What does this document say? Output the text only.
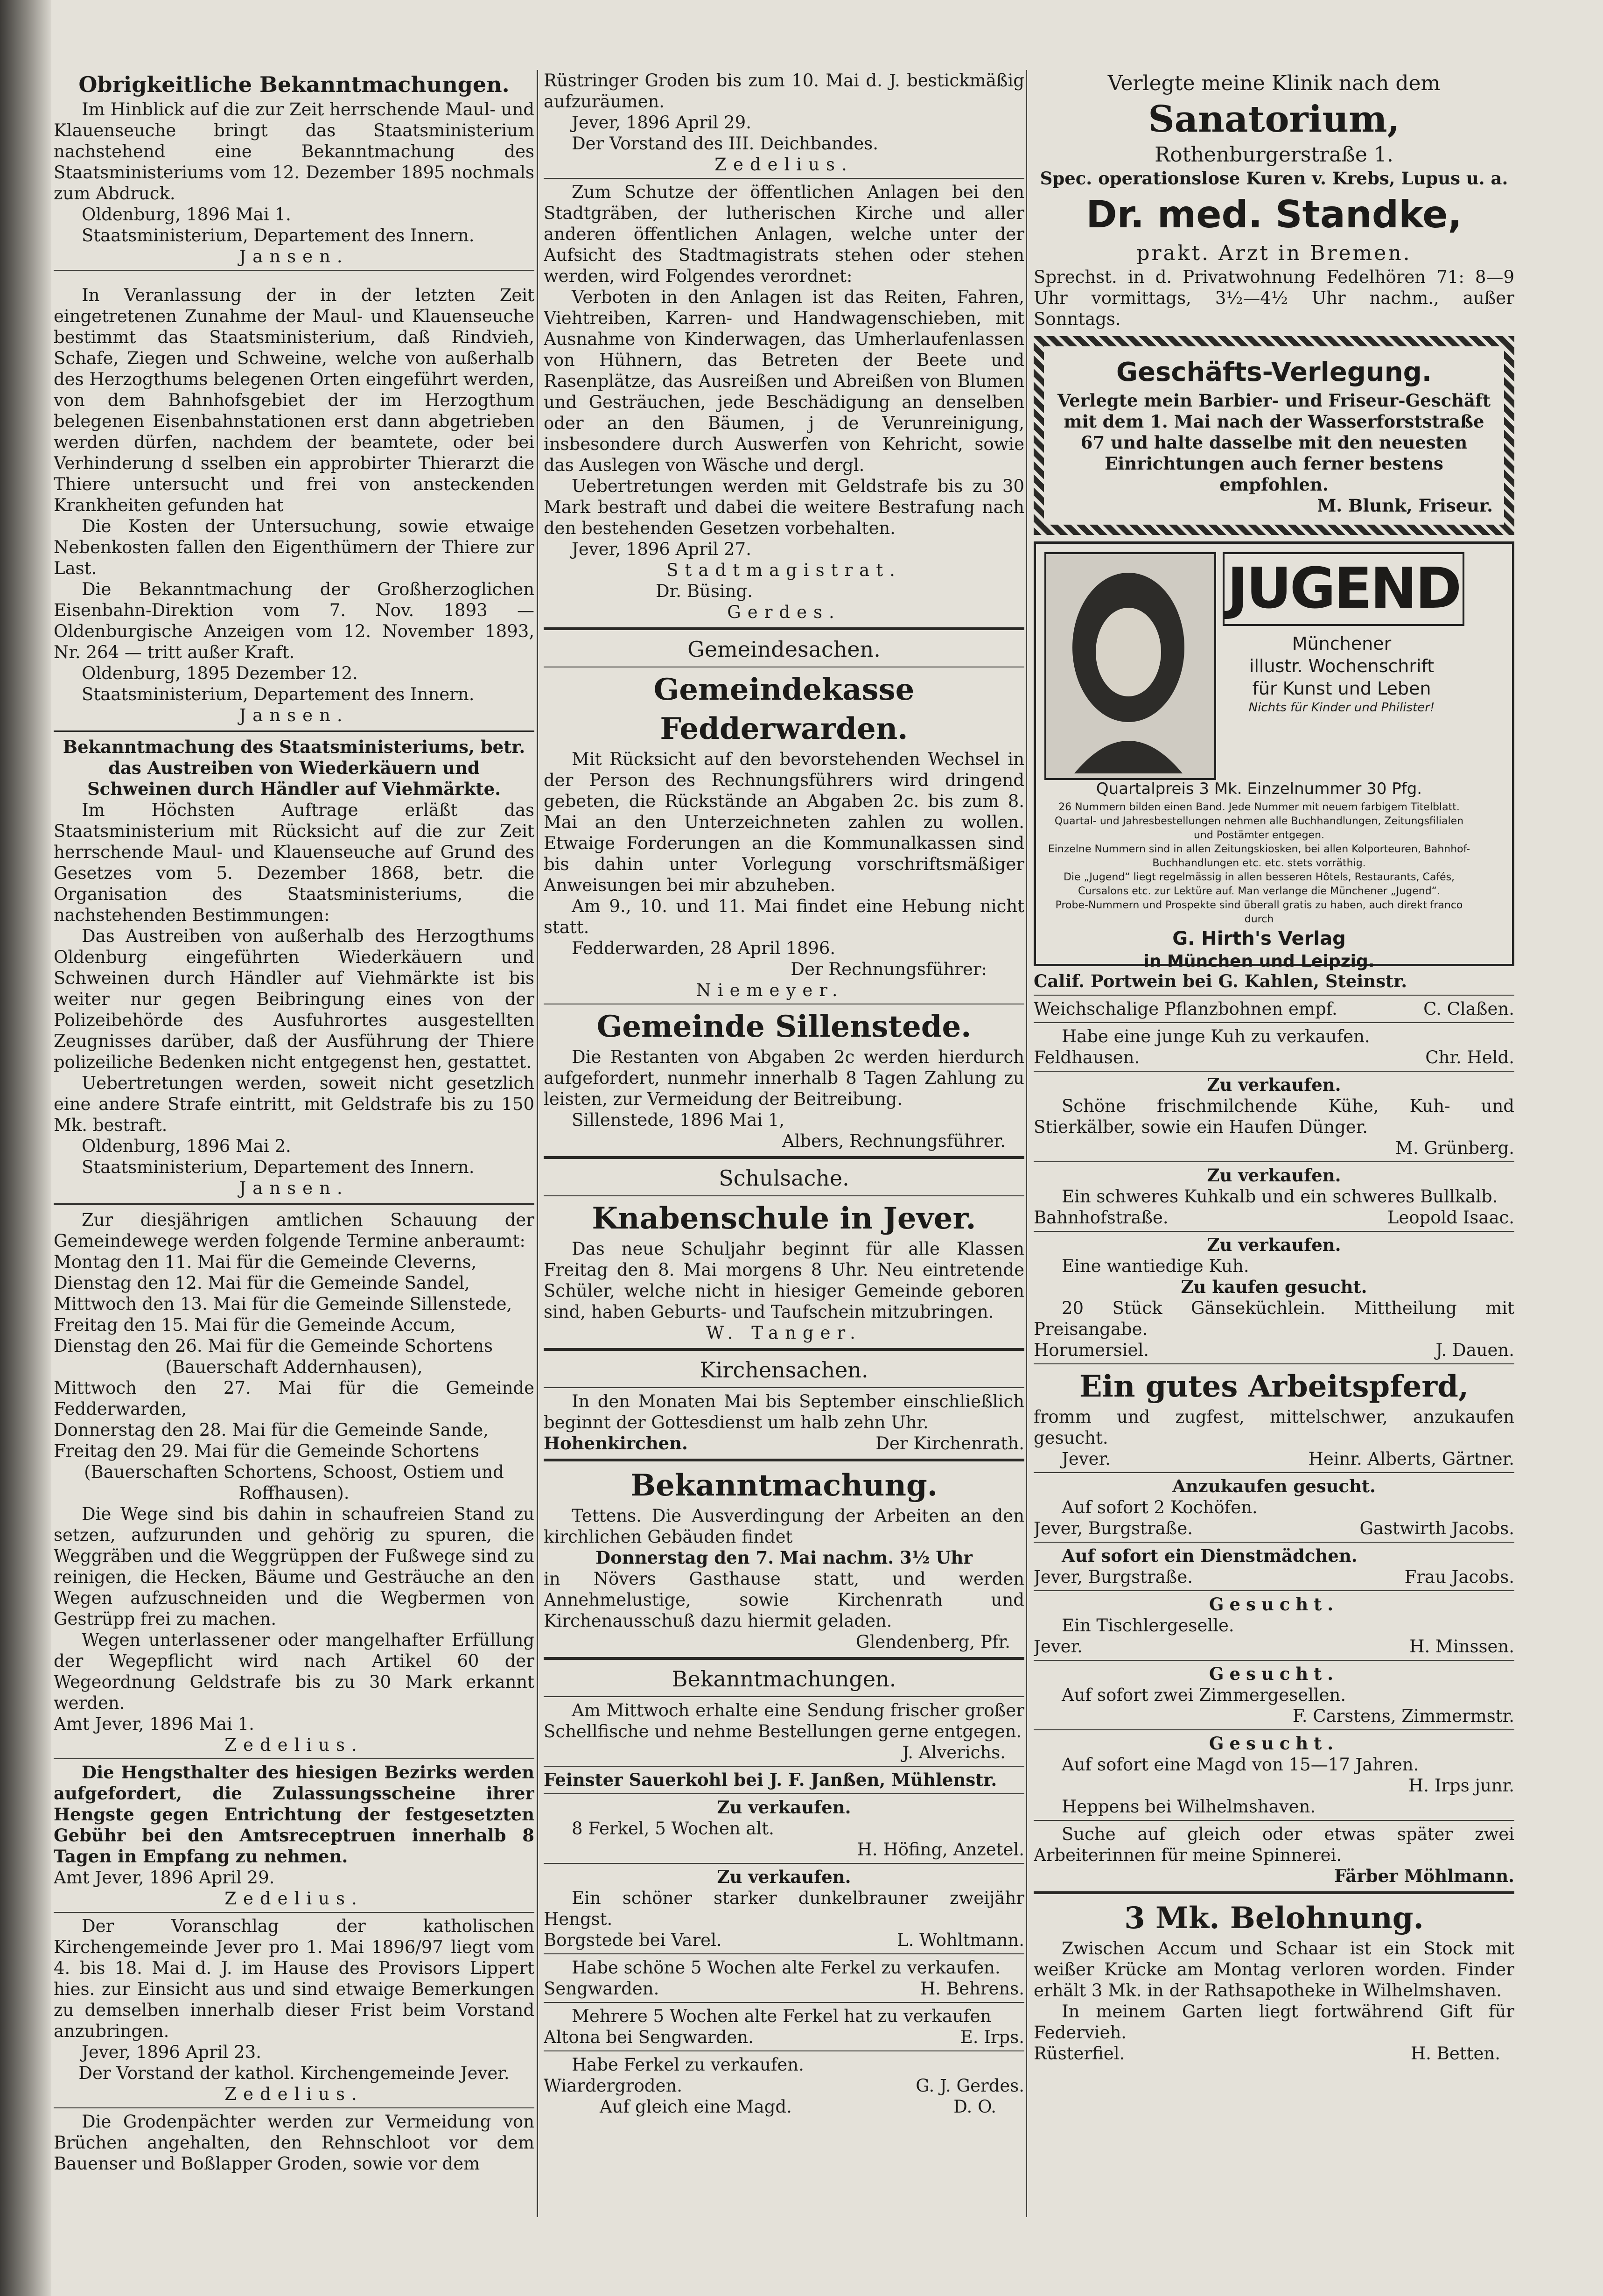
Obrigkeitliche Bekanntmachungen.

Im Hinblick auf die zur Zeit herrschende Maul- und Klauenseuche bringt das Staatsministerium nachstehend eine Bekanntmachung des Staatsministeriums vom 12. Dezember 1895 nochmals zum Abdruck.

Oldenburg, 1896 Mai 1.

Staatsministerium, Departement des Innern.

Jansen.

In Veranlassung der in der letzten Zeit eingetretenen Zunahme der Maul- und Klauenseuche bestimmt das Staatsministerium, daß Rindvieh, Schafe, Ziegen und Schweine, welche von außerhalb des Herzogthums belegenen Orten eingeführt werden, von dem Bahnhofsgebiet der im Herzogthum belegenen Eisenbahnstationen erst dann abgetrieben werden dürfen, nachdem der beamtete, oder bei Verhinderung d sselben ein approbirter Thierarzt die Thiere untersucht und frei von ansteckenden Krankheiten gefunden hat

Die Kosten der Untersuchung, sowie etwaige Nebenkosten fallen den Eigenthümern der Thiere zur Last.

Die Bekanntmachung der Großherzoglichen Eisenbahn-Direktion vom 7. Nov. 1893 — Oldenburgische Anzeigen vom 12. November 1893, Nr. 264 — tritt außer Kraft.

Oldenburg, 1895 Dezember 12.

Staatsministerium, Departement des Innern.

Jansen.

Bekanntmachung des Staatsministeriums, betr. das Austreiben von Wiederkäuern und Schweinen durch Händler auf Viehmärkte.

Im Höchsten Auftrage erläßt das Staatsministerium mit Rücksicht auf die zur Zeit herrschende Maul- und Klauenseuche auf Grund des Gesetzes vom 5. Dezember 1868, betr. die Organisation des Staatsministeriums, die nachstehenden Bestimmungen:

Das Austreiben von außerhalb des Herzogthums Oldenburg eingeführten Wiederkäuern und Schweinen durch Händler auf Viehmärkte ist bis weiter nur gegen Beibringung eines von der Polizeibehörde des Ausfuhrortes ausgestellten Zeugnisses darüber, daß der Ausführung der Thiere polizeiliche Bedenken nicht entgegenst hen, gestattet.

Uebertretungen werden, soweit nicht gesetzlich eine andere Strafe eintritt, mit Geldstrafe bis zu 150 Mk. bestraft.

Oldenburg, 1896 Mai 2.

Staatsministerium, Departement des Innern.

Jansen.

Zur diesjährigen amtlichen Schauung der Gemeindewege werden folgende Termine anberaumt:

Montag den 11. Mai für die Gemeinde Cleverns,

Dienstag den 12. Mai für die Gemeinde Sandel,

Mittwoch den 13. Mai für die Gemeinde Sillenstede,

Freitag den 15. Mai für die Gemeinde Accum,

Dienstag den 26. Mai für die Gemeinde Schortens

(Bauerschaft Addernhausen),

Mittwoch den 27. Mai für die Gemeinde Fedderwarden,

Donnerstag den 28. Mai für die Gemeinde Sande,

Freitag den 29. Mai für die Gemeinde Schortens

(Bauerschaften Schortens, Schoost, Ostiem und Roffhausen).

Die Wege sind bis dahin in schaufreien Stand zu setzen, aufzurunden und gehörig zu spuren, die Weggräben und die Weggrüppen der Fußwege sind zu reinigen, die Hecken, Bäume und Gesträuche an den Wegen aufzuschneiden und die Wegbermen von Gestrüpp frei zu machen.

Wegen unterlassener oder mangelhafter Erfüllung der Wegepflicht wird nach Artikel 60 der Wegeordnung Geldstrafe bis zu 30 Mark erkannt werden.

Amt Jever, 1896 Mai 1.

Zedelius.

Die Hengsthalter des hiesigen Bezirks werden aufgefordert, die Zulassungsscheine ihrer Hengste gegen Entrichtung der festgesetzten Gebühr bei den Amtsreceptruen innerhalb 8 Tagen in Empfang zu nehmen.

Amt Jever, 1896 April 29.

Zedelius.

Der Voranschlag der katholischen Kirchengemeinde Jever pro 1. Mai 1896/97 liegt vom 4. bis 18. Mai d. J. im Hause des Provisors Lippert hies. zur Einsicht aus und sind etwaige Bemerkungen zu demselben innerhalb dieser Frist beim Vorstand anzubringen.

Jever, 1896 April 23.

Der Vorstand der kathol. Kirchengemeinde Jever.

Zedelius.

Die Grodenpächter werden zur Vermeidung von Brüchen angehalten, den Rehnschloot vor dem Bauenser und Boßlapper Groden, sowie vor dem

Rüstringer Groden bis zum 10. Mai d. J. bestickmäßig aufzuräumen.

Jever, 1896 April 29.

Der Vorstand des III. Deichbandes.

Zedelius.

Zum Schutze der öffentlichen Anlagen bei den Stadtgräben, der lutherischen Kirche und aller anderen öffentlichen Anlagen, welche unter der Aufsicht des Stadtmagistrats stehen oder stehen werden, wird Folgendes verordnet:

Verboten in den Anlagen ist das Reiten, Fahren, Viehtreiben, Karren- und Handwagenschieben, mit Ausnahme von Kinderwagen, das Umherlaufenlassen von Hühnern, das Betreten der Beete und Rasenplätze, das Ausreißen und Abreißen von Blumen und Gesträuchen, jede Beschädigung an denselben oder an den Bäumen, j de Verunreinigung, insbesondere durch Auswerfen von Kehricht, sowie das Auslegen von Wäsche und dergl.

Uebertretungen werden mit Geldstrafe bis zu 30 Mark bestraft und dabei die weitere Bestrafung nach den bestehenden Gesetzen vorbehalten.

Jever, 1896 April 27.

Stadtmagistrat.

Dr. Büsing.

Gerdes.

Gemeindesachen.
Gemeindekasse Fedderwarden.

Mit Rücksicht auf den bevorstehenden Wechsel in der Person des Rechnungsführers wird dringend gebeten, die Rückstände an Abgaben 2c. bis zum 8. Mai an den Unterzeichneten zahlen zu wollen. Etwaige Forderungen an die Kommunalkassen sind bis dahin unter Vorlegung vorschriftsmäßiger Anweisungen bei mir abzuheben.

Am 9., 10. und 11. Mai findet eine Hebung nicht statt.

Fedderwarden, 28 April 1896.

Der Rechnungsführer:

Niemeyer.

Gemeinde Sillenstede.

Die Restanten von Abgaben 2c werden hierdurch aufgefordert, nunmehr innerhalb 8 Tagen Zahlung zu leisten, zur Vermeidung der Beitreibung.

Sillenstede, 1896 Mai 1,

Albers, Rechnungsführer.

Schulsache.
Knabenschule in Jever.

Das neue Schuljahr beginnt für alle Klassen Freitag den 8. Mai morgens 8 Uhr. Neu eintretende Schüler, welche nicht in hiesiger Gemeinde geboren sind, haben Geburts- und Taufschein mitzubringen.

W. Tanger.

Kirchensachen.

In den Monaten Mai bis September einschließlich beginnt der Gottesdienst um halb zehn Uhr.

Hohenkirchen.	Der Kirchenrath.

Bekanntmachung.

Tettens. Die Ausverdingung der Arbeiten an den kirchlichen Gebäuden findet

Donnerstag den 7. Mai nachm. 3½ Uhr

in Növers Gasthause statt, und werden Annehmelustige, sowie Kirchenrath und Kirchenausschuß dazu hiermit geladen.

Glendenberg, Pfr.

Bekanntmachungen.

Am Mittwoch erhalte eine Sendung frischer großer Schellfische und nehme Bestellungen gerne entgegen.

J. Alverichs.

Feinster Sauerkohl bei J. F. Janßen, Mühlenstr.

Zu verkaufen.

8 Ferkel, 5 Wochen alt.

H. Höfing, Anzetel.

Zu verkaufen.

Ein schöner starker dunkelbrauner zweijähr Hengst.

Borgstede bei Varel.	L. Wohltmann.

Habe schöne 5 Wochen alte Ferkel zu verkaufen.

Sengwarden.	H. Behrens.

Mehrere 5 Wochen alte Ferkel hat zu verkaufen

Altona bei Sengwarden.	E. Irps.

Habe Ferkel zu verkaufen.

Wiardergroden.	G. J. Gerdes.

Auf gleich eine Magd.	D. O.

Verlegte meine Klinik nach dem

Sanatorium,

Rothenburgerstraße 1.

Spec. operationslose Kuren v. Krebs, Lupus u. a.

Dr. med. Standke,

prakt. Arzt in Bremen.

Sprechst. in d. Privatwohnung Fedelhören 71: 8—9 Uhr vormittags, 3½—4½ Uhr nachm., außer Sonntags.

Geschäfts-Verlegung.

Verlegte mein Barbier- und Friseur-Geschäft mit dem 1. Mai nach der Wasserforststraße 67 und halte dasselbe mit den neuesten Einrichtungen auch ferner bestens empfohlen.

M. Blunk, Friseur.

JUGEND
Münchener
illustr. Wochenschrift
für Kunst und Leben
Nichts für Kinder und Philister!
Quartalpreis 3 Mk. Einzelnummer 30 Pfg.
26 Nummern bilden einen Band. Jede Nummer mit neuem farbigem Titelblatt.
Quartal- und Jahresbestellungen nehmen alle Buchhandlungen, Zeitungsfilialen und Postämter entgegen.
Einzelne Nummern sind in allen Zeitungskiosken, bei allen Kolporteuren, Bahnhof-Buchhandlungen etc. etc. stets vorräthig.
Die „Jugend“ liegt regelmässig in allen besseren Hôtels, Restaurants, Cafés, Cursalons etc. zur Lektüre auf. Man verlange die Münchener „Jugend“.
Probe-Nummern und Prospekte sind überall gratis zu haben, auch direkt franco durch
G. Hirth's Verlag
in München und Leipzig.

Calif. Portwein bei G. Kahlen, Steinstr.

Weichschalige Pflanzbohnen empf.	C. Claßen.

Habe eine junge Kuh zu verkaufen.

Feldhausen.	Chr. Held.

Zu verkaufen.

Schöne frischmilchende Kühe, Kuh- und Stierkälber, sowie ein Haufen Dünger.

M. Grünberg.

Zu verkaufen.

Ein schweres Kuhkalb und ein schweres Bullkalb.

Bahnhofstraße.	Leopold Isaac.

Zu verkaufen.

Eine wantiedige Kuh.

Zu kaufen gesucht.

20 Stück Gänseküchlein. Mittheilung mit Preisangabe.

Horumersiel.	J. Dauen.

Ein gutes Arbeitspferd,

fromm und zugfest, mittelschwer, anzukaufen gesucht.

Jever.	Heinr. Alberts, Gärtner.

Anzukaufen gesucht.

Auf sofort 2 Kochöfen.

Jever, Burgstraße.	Gastwirth Jacobs.

Auf sofort ein Dienstmädchen.

Jever, Burgstraße.	Frau Jacobs.

Gesucht.

Ein Tischlergeselle.

Jever.	H. Minssen.

Gesucht.

Auf sofort zwei Zimmergesellen.

F. Carstens, Zimmermstr.

Gesucht.

Auf sofort eine Magd von 15—17 Jahren.

H. Irps junr.

Heppens bei Wilhelmshaven.

Suche auf gleich oder etwas später zwei Arbeiterinnen für meine Spinnerei.

Färber Möhlmann.

3 Mk. Belohnung.

Zwischen Accum und Schaar ist ein Stock mit weißer Krücke am Montag verloren worden. Finder erhält 3 Mk. in der Rathsapotheke in Wilhelmshaven.

In meinem Garten liegt fortwährend Gift für Federvieh.

Rüsterfiel.	H. Betten.
